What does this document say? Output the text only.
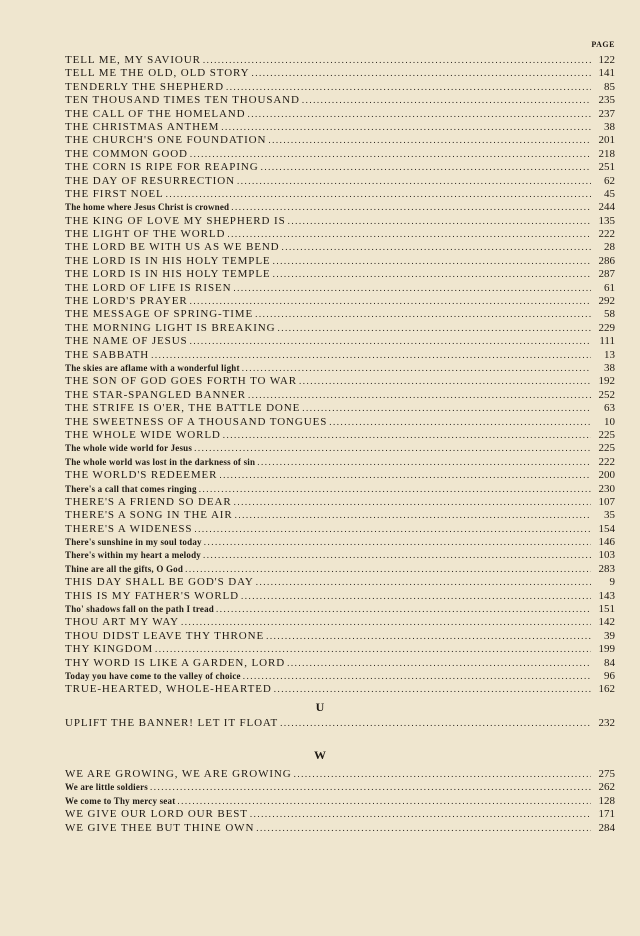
PAGE
TELL ME, MY SAVIOUR .....	122
TELL ME THE OLD, OLD STORY .....	141
TENDERLY THE SHEPHERD .....	85
TEN THOUSAND TIMES TEN THOUSAND .....	235
THE CALL OF THE HOMELAND .....	237
THE CHRISTMAS ANTHEM .....	38
THE CHURCH'S ONE FOUNDATION .....	201
THE COMMON GOOD .....	218
THE CORN IS RIPE FOR REAPING .....	251
THE DAY OF RESURRECTION .....	62
THE FIRST NOEL .....	45
The home where Jesus Christ is crowned .....	244
THE KING OF LOVE MY SHEPHERD IS .....	135
THE LIGHT OF THE WORLD .....	222
THE LORD BE WITH US AS WE BEND .....	28
THE LORD IS IN HIS HOLY TEMPLE .....	286
THE LORD IS IN HIS HOLY TEMPLE .....	287
THE LORD OF LIFE IS RISEN .....	61
THE LORD'S PRAYER .....	292
THE MESSAGE OF SPRING-TIME .....	58
THE MORNING LIGHT IS BREAKING .....	229
THE NAME OF JESUS .....	111
THE SABBATH .....	13
The skies are aflame with a wonderful light .....	38
THE SON OF GOD GOES FORTH TO WAR .....	192
THE STAR-SPANGLED BANNER .....	252
THE STRIFE IS O'ER, THE BATTLE DONE .....	63
THE SWEETNESS OF A THOUSAND TONGUES .....	10
THE WHOLE WIDE WORLD .....	225
The whole wide world for Jesus .....	225
The whole world was lost in the darkness of sin .....	222
THE WORLD'S REDEEMER .....	200
There's a call that comes ringing .....	230
THERE'S A FRIEND SO DEAR .....	107
THERE'S A SONG IN THE AIR .....	35
THERE'S A WIDENESS .....	154
There's sunshine in my soul today .....	146
There's within my heart a melody .....	103
Thine are all the gifts, O God .....	283
THIS DAY SHALL BE GOD'S DAY .....	9
THIS IS MY FATHER'S WORLD .....	143
Tho' shadows fall on the path I tread .....	151
THOU ART MY WAY .....	142
THOU DIDST LEAVE THY THRONE .....	39
THY KINGDOM .....	199
THY WORD IS LIKE A GARDEN, LORD .....	84
Today you have come to the valley of choice .....	96
TRUE-HEARTED, WHOLE-HEARTED .....	162
U
UPLIFT THE BANNER! LET IT FLOAT .....	232
W
WE ARE GROWING, WE ARE GROWING .....	275
We are little soldiers .....	262
We come to Thy mercy seat .....	128
WE GIVE OUR LORD OUR BEST .....	171
WE GIVE THEE BUT THINE OWN .....	284
